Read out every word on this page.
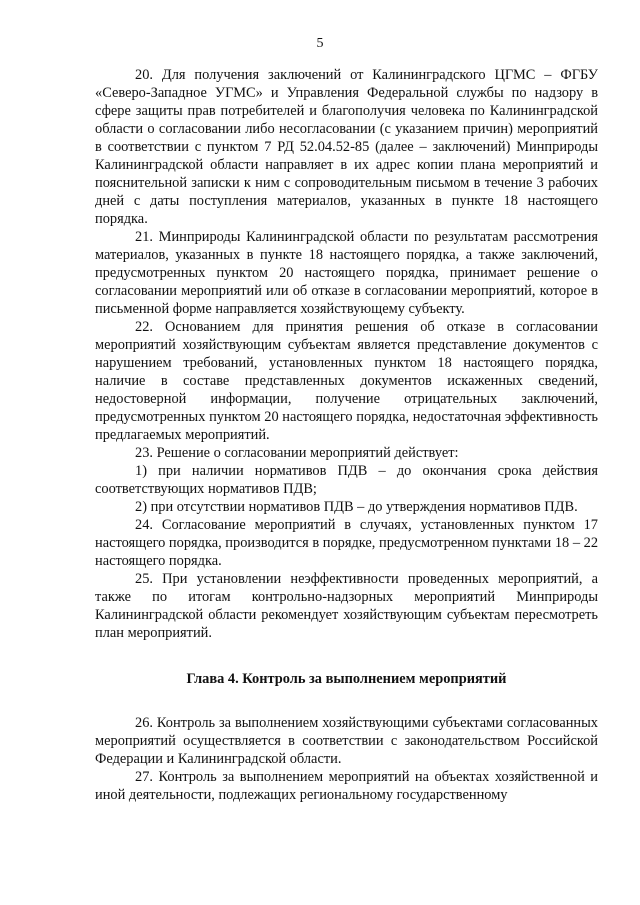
5

20. Для получения заключений от Калининградского ЦГМС – ФГБУ «Северо-Западное УГМС» и Управления Федеральной службы по надзору в сфере защиты прав потребителей и благополучия человека по Калининградской области о согласовании либо несогласовании (с указанием причин) мероприятий в соответствии с пунктом 7 РД 52.04.52-85 (далее – заключений) Минприроды Калининградской области направляет в их адрес копии плана мероприятий и пояснительной записки к ним с сопроводительным письмом в течение 3 рабочих дней с даты поступления материалов, указанных в пункте 18 настоящего порядка.

21. Минприроды Калининградской области по результатам рассмотрения материалов, указанных в пункте 18 настоящего порядка, а также заключений, предусмотренных пунктом 20 настоящего порядка, принимает решение о согласовании мероприятий или об отказе в согласовании мероприятий, которое в письменной форме направляется хозяйствующему субъекту.

22. Основанием для принятия решения об отказе в согласовании мероприятий хозяйствующим субъектам является представление документов с нарушением требований, установленных пунктом 18 настоящего порядка, наличие в составе представленных документов искаженных сведений, недостоверной информации, получение отрицательных заключений, предусмотренных пунктом 20 настоящего порядка, недостаточная эффективность предлагаемых мероприятий.

23. Решение о согласовании мероприятий действует:

1) при наличии нормативов ПДВ – до окончания срока действия соответствующих нормативов ПДВ;

2) при отсутствии нормативов ПДВ – до утверждения нормативов ПДВ.

24. Согласование мероприятий в случаях, установленных пунктом 17 настоящего порядка, производится в порядке, предусмотренном пунктами 18 – 22 настоящего порядка.

25. При установлении неэффективности проведенных мероприятий, а также по итогам контрольно-надзорных мероприятий Минприроды Калининградской области рекомендует хозяйствующим субъектам пересмотреть план мероприятий.

Глава 4. Контроль за выполнением мероприятий

26. Контроль за выполнением хозяйствующими субъектами согласованных мероприятий осуществляется в соответствии с законодательством Российской Федерации и Калининградской области.

27. Контроль за выполнением мероприятий на объектах хозяйственной и иной деятельности, подлежащих региональному государственному
